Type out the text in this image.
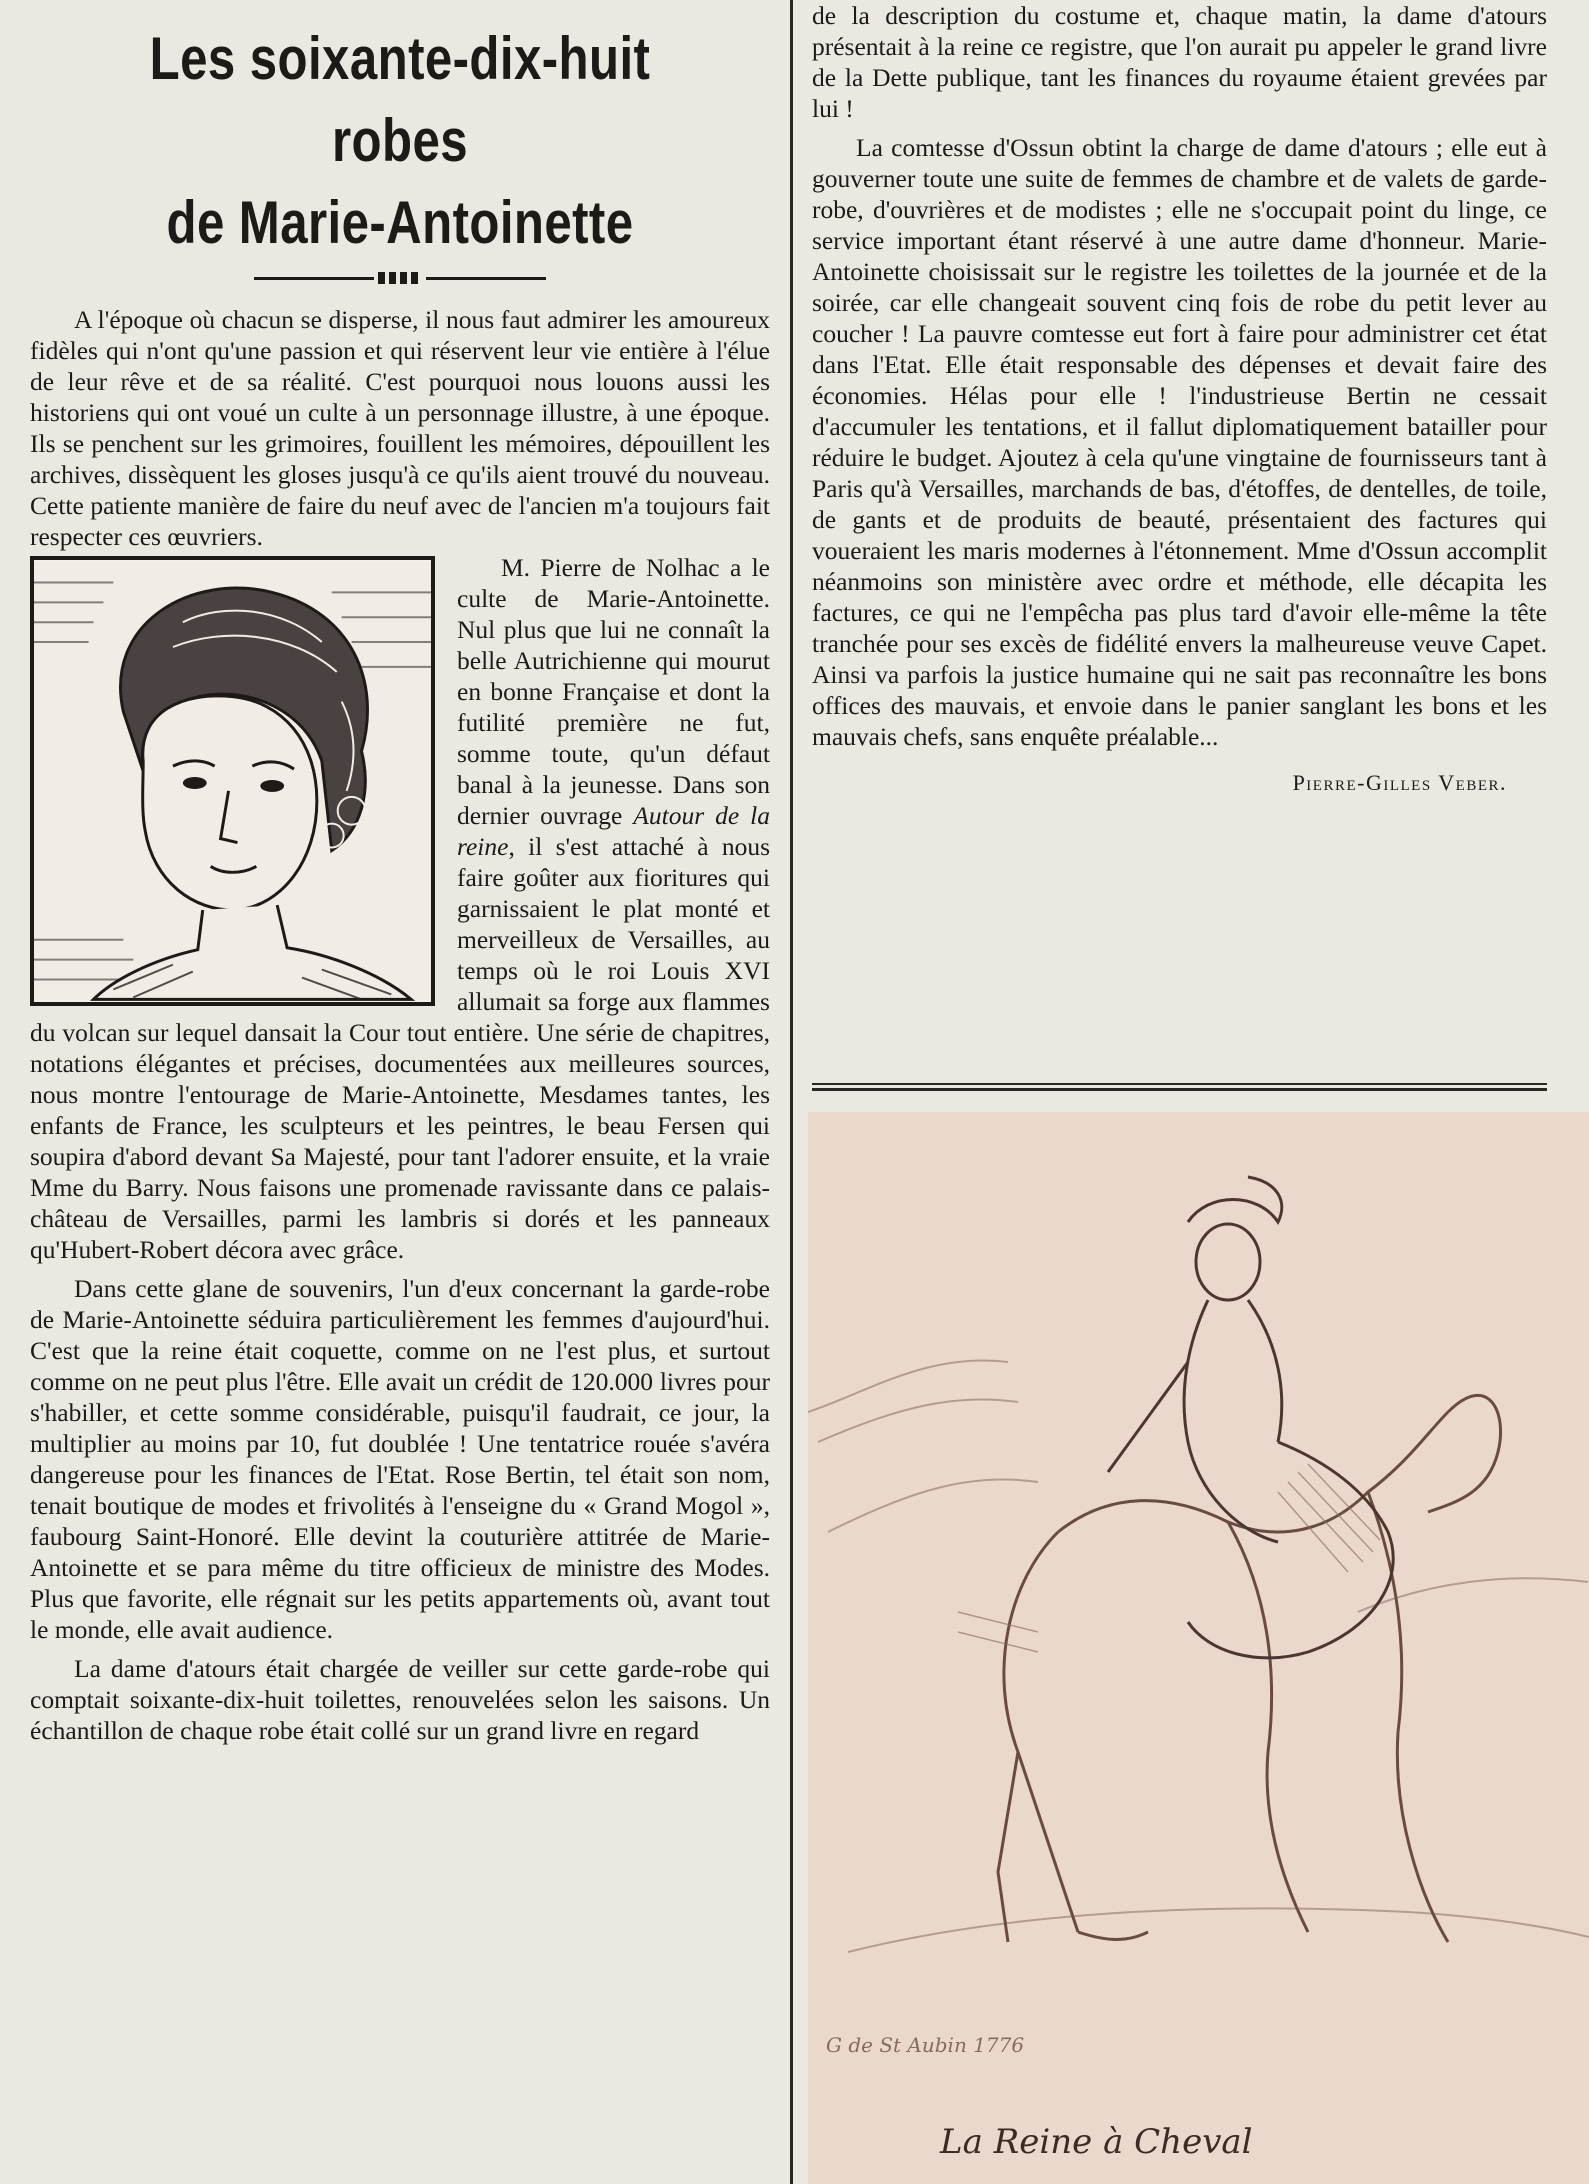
Les soixante-dix-huit robes
de Marie-Antoinette

A l'époque où chacun se disperse, il nous faut admirer les amoureux fidèles qui n'ont qu'une passion et qui réservent leur vie entière à l'élue de leur rêve et de sa réalité. C'est pourquoi nous louons aussi les historiens qui ont voué un culte à un personnage illustre, à une époque. Ils se penchent sur les grimoires, fouillent les mémoires, dépouillent les archives, dissèquent les gloses jusqu'à ce qu'ils aient trouvé du nouveau. Cette patiente manière de faire du neuf avec de l'ancien m'a toujours fait respecter ces œuvriers.

M. Pierre de Nolhac a le culte de Marie-Antoinette. Nul plus que lui ne connaît la belle Autrichienne qui mourut en bonne Française et dont la futilité première ne fut, somme toute, qu'un défaut banal à la jeunesse. Dans son dernier ouvrage Autour de la reine, il s'est attaché à nous faire goûter aux fioritures qui garnissaient le plat monté et merveilleux de Versailles, au temps où le roi Louis XVI allumait sa forge aux flammes du volcan sur lequel dansait la Cour tout entière. Une série de chapitres, notations élégantes et précises, documentées aux meilleures sources, nous montre l'entourage de Marie-Antoinette, Mesdames tantes, les enfants de France, les sculpteurs et les peintres, le beau Fersen qui soupira d'abord devant Sa Majesté, pour tant l'adorer ensuite, et la vraie Mme du Barry. Nous faisons une promenade ravissante dans ce palais-château de Versailles, parmi les lambris si dorés et les panneaux qu'Hubert-Robert décora avec grâce.

Dans cette glane de souvenirs, l'un d'eux concernant la garde-robe de Marie-Antoinette séduira particulièrement les femmes d'aujourd'hui. C'est que la reine était coquette, comme on ne l'est plus, et surtout comme on ne peut plus l'être. Elle avait un crédit de 120.000 livres pour s'habiller, et cette somme considérable, puisqu'il faudrait, ce jour, la multiplier au moins par 10, fut doublée ! Une tentatrice rouée s'avéra dangereuse pour les finances de l'Etat. Rose Bertin, tel était son nom, tenait boutique de modes et frivolités à l'enseigne du « Grand Mogol », faubourg Saint-Honoré. Elle devint la couturière attitrée de Marie-Antoinette et se para même du titre officieux de ministre des Modes. Plus que favorite, elle régnait sur les petits appartements où, avant tout le monde, elle avait audience.

La dame d'atours était chargée de veiller sur cette garde-robe qui comptait soixante-dix-huit toilettes, renouvelées selon les saisons. Un échantillon de chaque robe était collé sur un grand livre en regard

de la description du costume et, chaque matin, la dame d'atours présentait à la reine ce registre, que l'on aurait pu appeler le grand livre de la Dette publique, tant les finances du royaume étaient grevées par lui !

La comtesse d'Ossun obtint la charge de dame d'atours ; elle eut à gouverner toute une suite de femmes de chambre et de valets de garde-robe, d'ouvrières et de modistes ; elle ne s'occupait point du linge, ce service important étant réservé à une autre dame d'honneur. Marie-Antoinette choisissait sur le registre les toilettes de la journée et de la soirée, car elle changeait souvent cinq fois de robe du petit lever au coucher ! La pauvre comtesse eut fort à faire pour administrer cet état dans l'Etat. Elle était responsable des dépenses et devait faire des économies. Hélas pour elle ! l'industrieuse Bertin ne cessait d'accumuler les tentations, et il fallut diplomatiquement batailler pour réduire le budget. Ajoutez à cela qu'une vingtaine de fournisseurs tant à Paris qu'à Versailles, marchands de bas, d'étoffes, de dentelles, de toile, de gants et de produits de beauté, présentaient des factures qui voueraient les maris modernes à l'étonnement. Mme d'Ossun accomplit néanmoins son ministère avec ordre et méthode, elle décapita les factures, ce qui ne l'empêcha pas plus tard d'avoir elle-même la tête tranchée pour ses excès de fidélité envers la malheureuse veuve Capet. Ainsi va parfois la justice humaine qui ne sait pas reconnaître les bons offices des mauvais, et envoie dans le panier sanglant les bons et les mauvais chefs, sans enquête préalable...

Pierre-Gilles Veber.
G de St Aubin 1776
La Reine à Cheval
